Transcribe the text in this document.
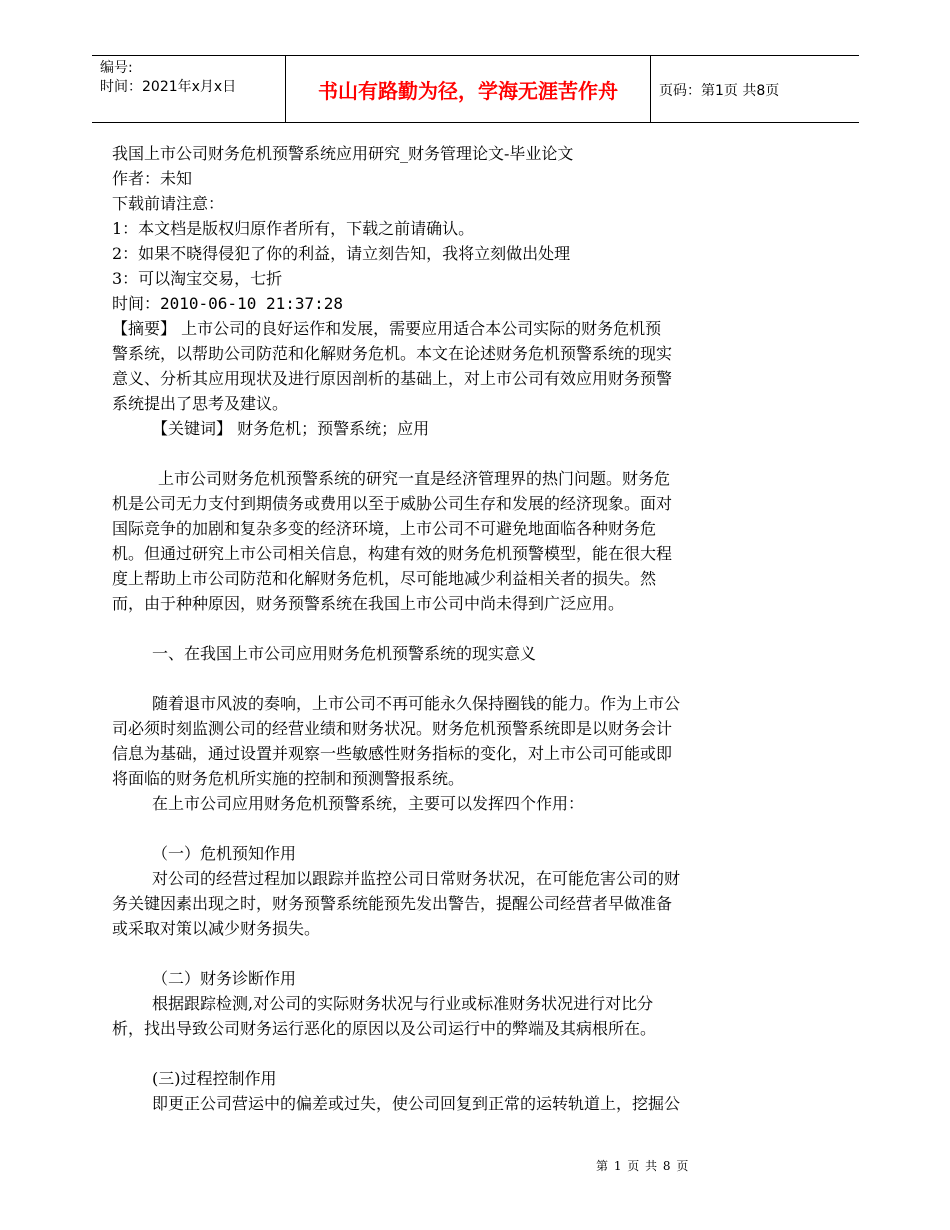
编号:
时间：2021年x月x日	书山有路勤为径，学海无涯苦作舟	页码：第1页 共8页
我国上市公司财务危机预警系统应用研究_财务管理论文-毕业论文
作者：未知
下载前请注意：
1：本文档是版权归原作者所有，下载之前请确认。
2：如果不晓得侵犯了你的利益，请立刻告知，我将立刻做出处理
3：可以淘宝交易，七折
时间：2010-06-10 21:37:28
【摘要】 上市公司的良好运作和发展，需要应用适合本公司实际的财务危机预
警系统，以帮助公司防范和化解财务危机。本文在论述财务危机预警系统的现实
意义、分析其应用现状及进行原因剖析的基础上，对上市公司有效应用财务预警
系统提出了思考及建议。
【关键词】 财务危机；预警系统；应用
上市公司财务危机预警系统的研究一直是经济管理界的热门问题。财务危
机是公司无力支付到期债务或费用以至于威胁公司生存和发展的经济现象。面对
国际竞争的加剧和复杂多变的经济环境，上市公司不可避免地面临各种财务危
机。但通过研究上市公司相关信息，构建有效的财务危机预警模型，能在很大程
度上帮助上市公司防范和化解财务危机，尽可能地减少利益相关者的损失。然
而，由于种种原因，财务预警系统在我国上市公司中尚未得到广泛应用。
一、在我国上市公司应用财务危机预警系统的现实意义
随着退市风波的奏响，上市公司不再可能永久保持圈钱的能力。作为上市公
司必须时刻监测公司的经营业绩和财务状况。财务危机预警系统即是以财务会计
信息为基础，通过设置并观察一些敏感性财务指标的变化，对上市公司可能或即
将面临的财务危机所实施的控制和预测警报系统。
在上市公司应用财务危机预警系统，主要可以发挥四个作用：
（一）危机预知作用
对公司的经营过程加以跟踪并监控公司日常财务状况，在可能危害公司的财
务关键因素出现之时，财务预警系统能预先发出警告，提醒公司经营者早做准备
或采取对策以减少财务损失。
（二）财务诊断作用
根据跟踪检测,对公司的实际财务状况与行业或标准财务状况进行对比分
析，找出导致公司财务运行恶化的原因以及公司运行中的弊端及其病根所在。
(三)过程控制作用
即更正公司营运中的偏差或过失，使公司回复到正常的运转轨道上，挖掘公
第 1 页 共 8 页
